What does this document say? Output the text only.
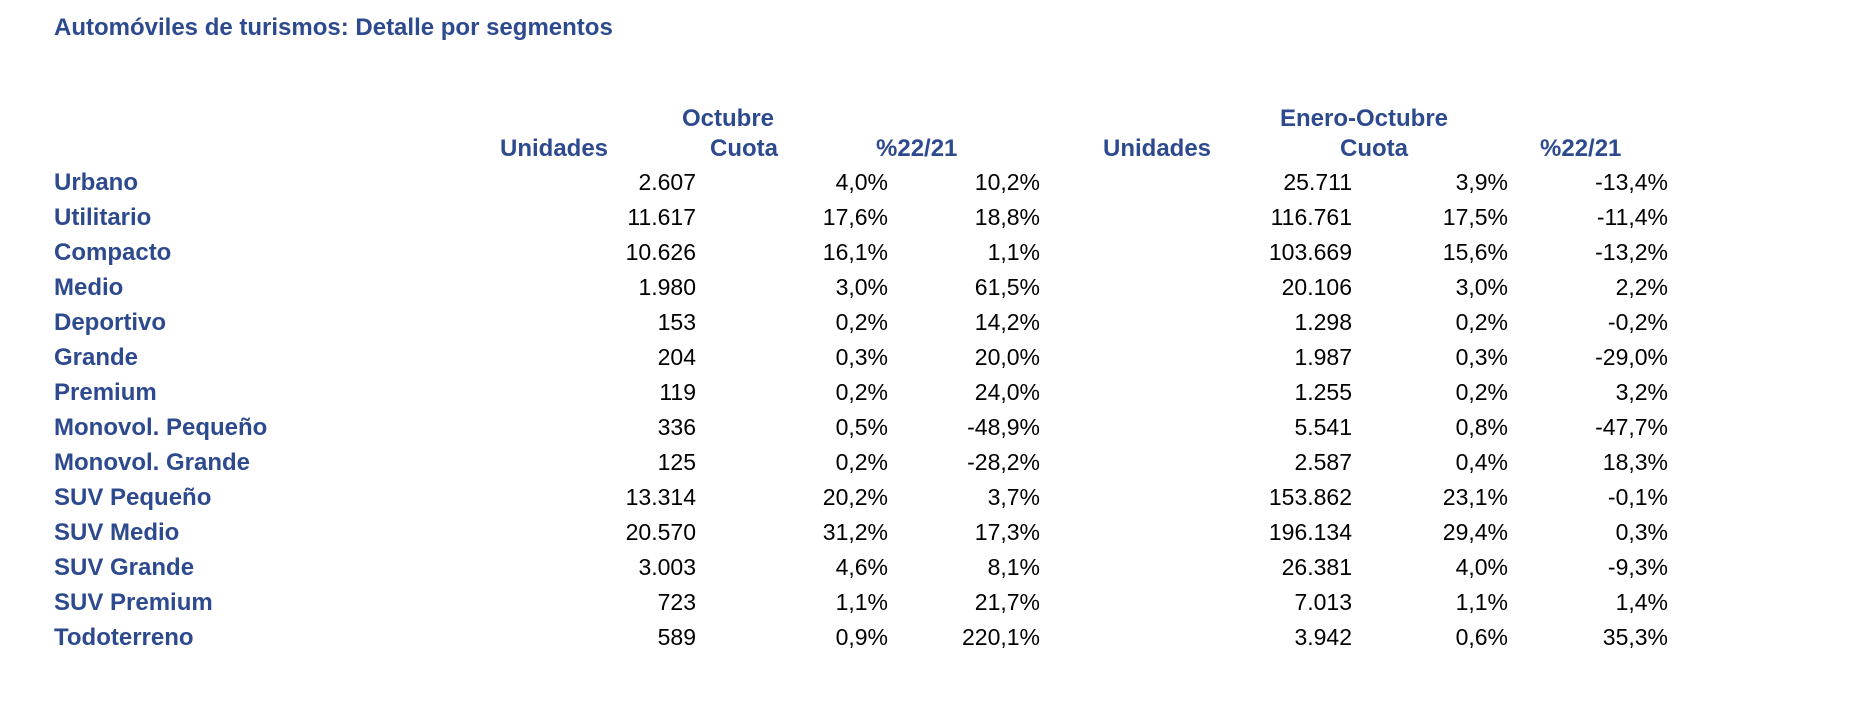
Automóviles de turismos: Detalle por segmentos
Octubre	Enero-Octubre
Unidades	Cuota	%22/21	Unidades	Cuota	%22/21
Urbano	2.607	4,0%	10,2%	25.711	3,9%	-13,4%
Utilitario	11.617	17,6%	18,8%	116.761	17,5%	-11,4%
Compacto	10.626	16,1%	1,1%	103.669	15,6%	-13,2%
Medio	1.980	3,0%	61,5%	20.106	3,0%	2,2%
Deportivo	153	0,2%	14,2%	1.298	0,2%	-0,2%
Grande	204	0,3%	20,0%	1.987	0,3%	-29,0%
Premium	119	0,2%	24,0%	1.255	0,2%	3,2%
Monovol. Pequeño	336	0,5%	-48,9%	5.541	0,8%	-47,7%
Monovol. Grande	125	0,2%	-28,2%	2.587	0,4%	18,3%
SUV Pequeño	13.314	20,2%	3,7%	153.862	23,1%	-0,1%
SUV Medio	20.570	31,2%	17,3%	196.134	29,4%	0,3%
SUV Grande	3.003	4,6%	8,1%	26.381	4,0%	-9,3%
SUV Premium	723	1,1%	21,7%	7.013	1,1%	1,4%
Todoterreno	589	0,9%	220,1%	3.942	0,6%	35,3%
